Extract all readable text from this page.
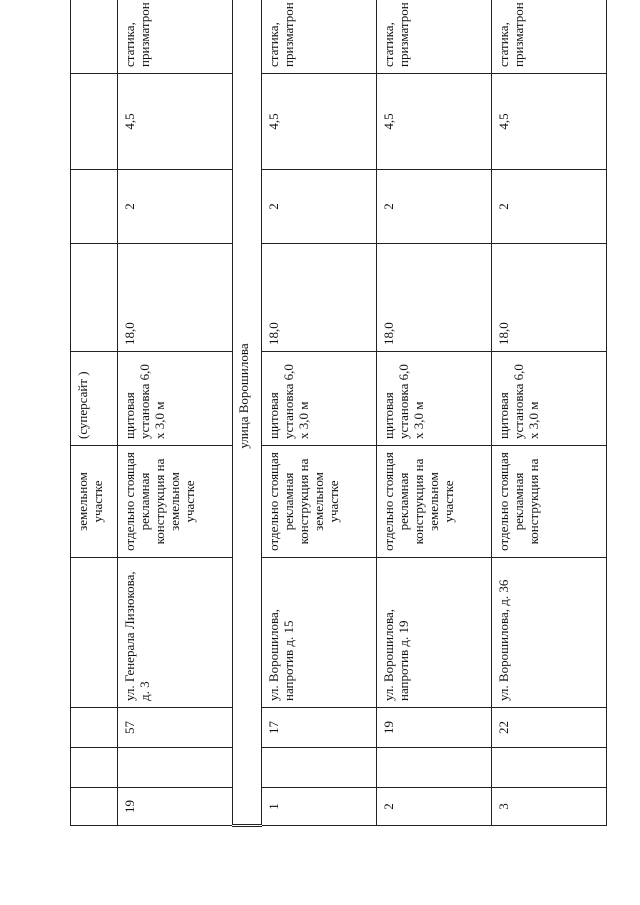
				земельном участке	(суперсайт )				
19		57	ул. Генерала Лизюкова, д. 3	отдельно стоящая рекламная конструкция на земельном участке	щитовая установка 6,0 х 3,0 м	18,0	2	4,5	статика, призматрон
улица Ворошилова									
1		17	ул. Ворошилова, напротив д. 15	отдельно стоящая рекламная конструкция на земельном участке	щитовая установка 6,0 х 3,0 м	18,0	2	4,5	статика, призматрон
2		19	ул. Ворошилова, напротив д. 19	отдельно стоящая рекламная конструкция на земельном участке	щитовая установка 6,0 х 3,0 м	18,0	2	4,5	статика, призматрон
3		22	ул. Ворошилова, д. 36	отдельно стоящая рекламная конструкция на	щитовая установка 6,0 х 3,0 м	18,0	2	4,5	статика, призматрон
